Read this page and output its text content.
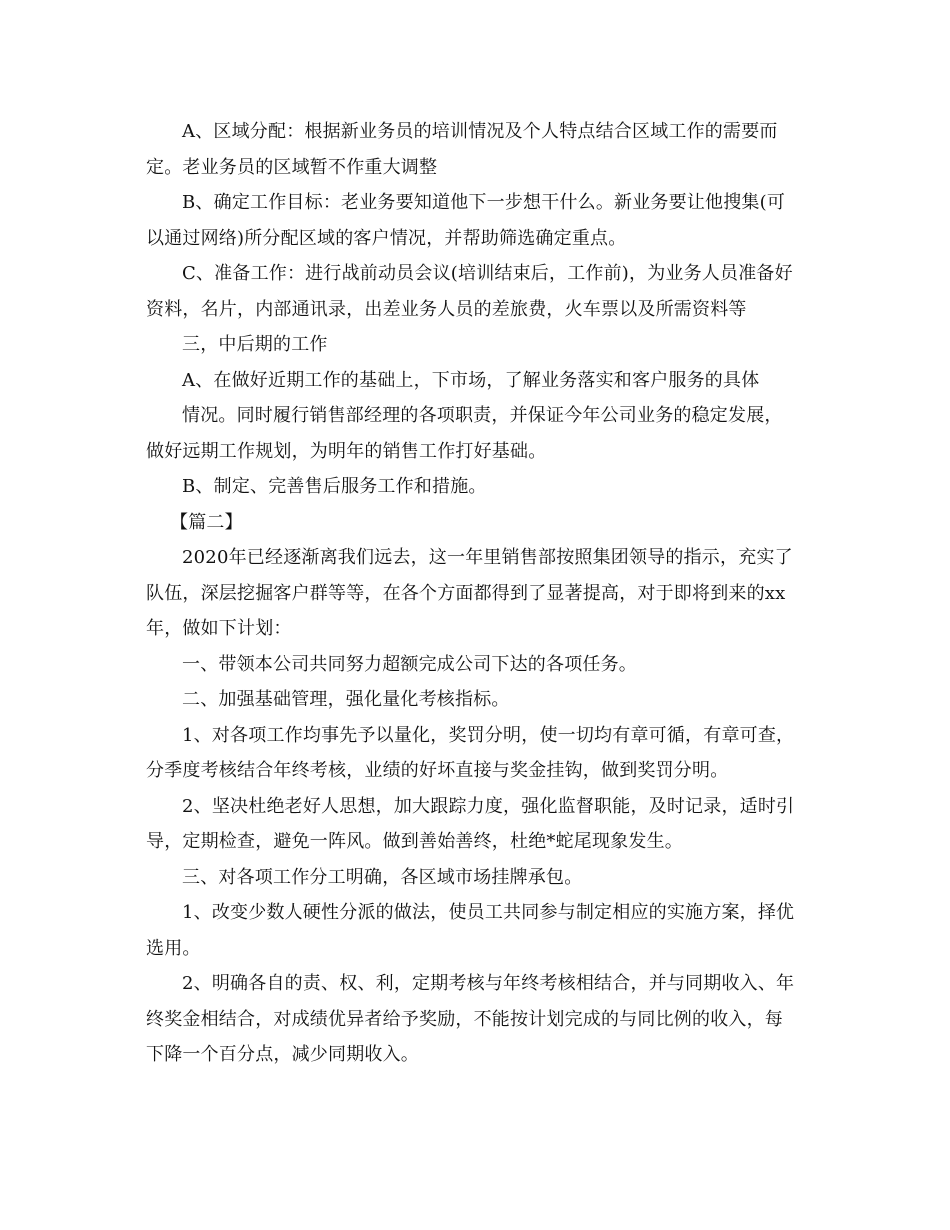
A、区域分配：根据新业务员的培训情况及个人特点结合区域工作的需要而
定。老业务员的区域暂不作重大调整
B、确定工作目标：老业务要知道他下一步想干什么。新业务要让他搜集(可
以通过网络)所分配区域的客户情况，并帮助筛选确定重点。
C、准备工作：进行战前动员会议(培训结束后，工作前)，为业务人员准备好
资料，名片，内部通讯录，出差业务人员的差旅费，火车票以及所需资料等
三，中后期的工作
A、在做好近期工作的基础上，下市场，了解业务落实和客户服务的具体
情况。同时履行销售部经理的各项职责，并保证今年公司业务的稳定发展，
做好远期工作规划，为明年的销售工作打好基础。
B、制定、完善售后服务工作和措施。
【篇二】
2020年已经逐渐离我们远去，这一年里销售部按照集团领导的指示，充实了
队伍，深层挖掘客户群等等，在各个方面都得到了显著提高，对于即将到来的xx
年，做如下计划：
一、带领本公司共同努力超额完成公司下达的各项任务。
二、加强基础管理，强化量化考核指标。
1、对各项工作均事先予以量化，奖罚分明，使一切均有章可循，有章可查，
分季度考核结合年终考核，业绩的好坏直接与奖金挂钩，做到奖罚分明。
2、坚决杜绝老好人思想，加大跟踪力度，强化监督职能，及时记录，适时引
导，定期检查，避免一阵风。做到善始善终，杜绝*蛇尾现象发生。
三、对各项工作分工明确，各区域市场挂牌承包。
1、改变少数人硬性分派的做法，使员工共同参与制定相应的实施方案，择优
选用。
2、明确各自的责、权、利，定期考核与年终考核相结合，并与同期收入、年
终奖金相结合，对成绩优异者给予奖励，不能按计划完成的与同比例的收入，每
下降一个百分点，减少同期收入。
